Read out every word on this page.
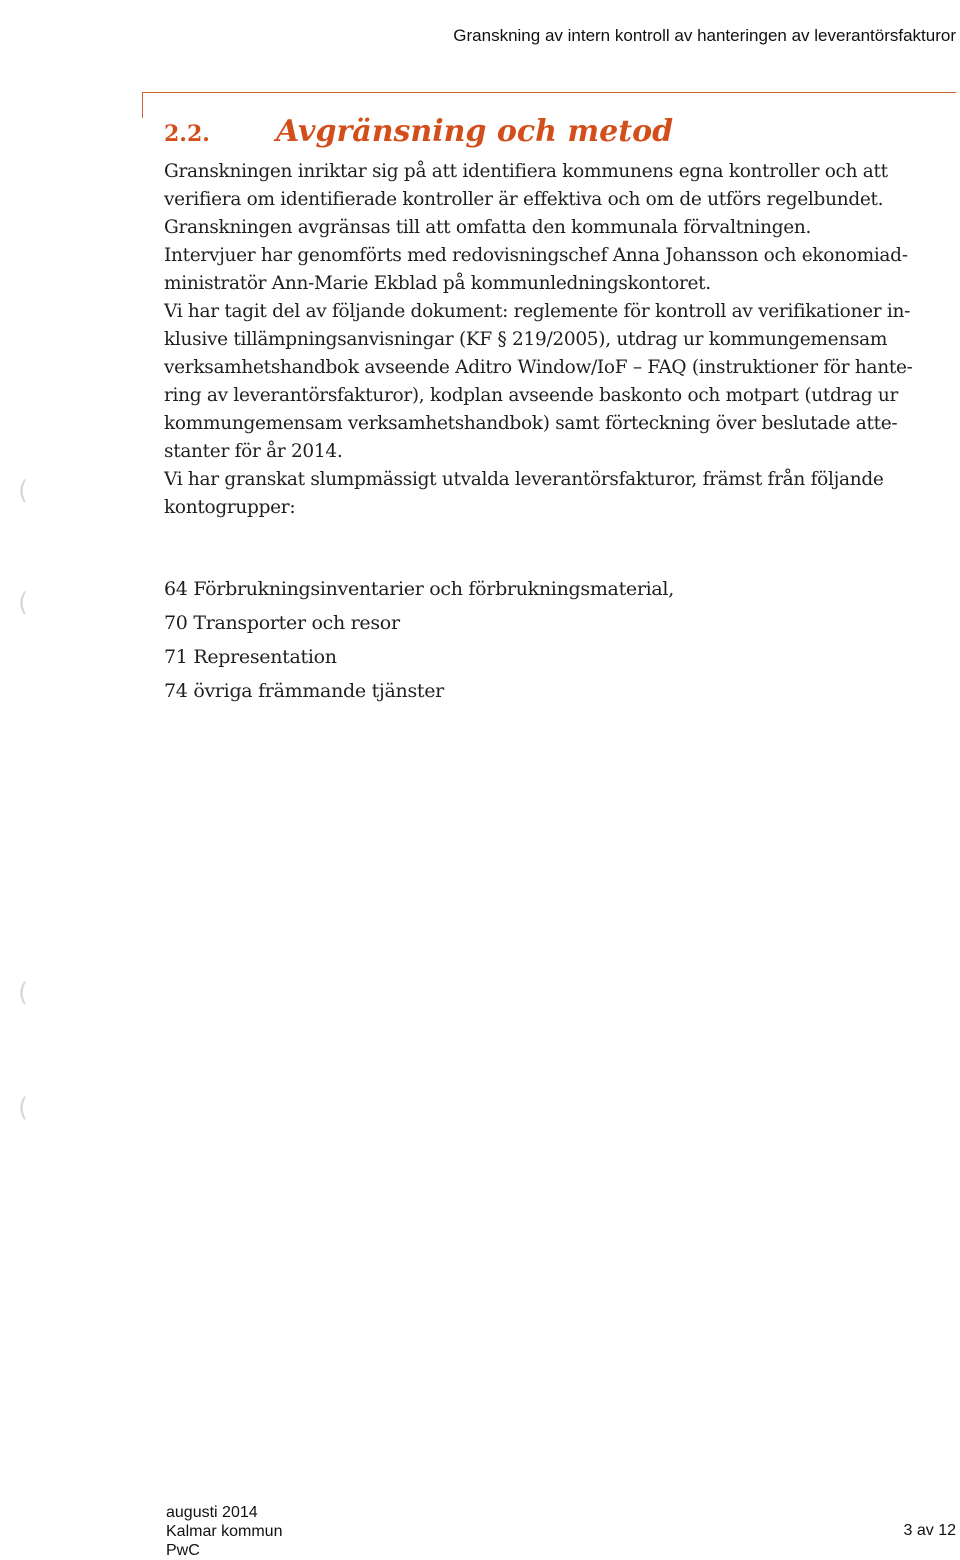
Granskning av intern kontroll av hanteringen av leverantörsfakturor
2.2. Avgränsning och metod

Granskningen inriktar sig på att identifiera kommunens egna kontroller och att verifiera om identifierade kontroller är effektiva och om de utförs regelbundet.

Granskningen avgränsas till att omfatta den kommunala förvaltningen.

Intervjuer har genomförts med redovisningschef Anna Johansson och ekonomiad-ministratör Ann-Marie Ekblad på kommunledningskontoret.

Vi har tagit del av följande dokument: reglemente för kontroll av verifikationer in-klusive tillämpningsanvisningar (KF § 219/2005), utdrag ur kommungemensam verksamhetshandbok avseende Aditro Window/IoF – FAQ (instruktioner för hante-ring av leverantörsfakturor), kodplan avseende baskonto och motpart (utdrag ur kommungemensam verksamhetshandbok) samt förteckning över beslutade atte-stanter för år 2014.

Vi har granskat slumpmässigt utvalda leverantörsfakturor, främst från följande kontogrupper:

64 Förbrukningsinventarier och förbrukningsmaterial,
70 Transporter och resor
71 Representation
74 övriga främmande tjänster
(
(
(
(
augusti 2014
Kalmar kommun
PwC
3 av 12
